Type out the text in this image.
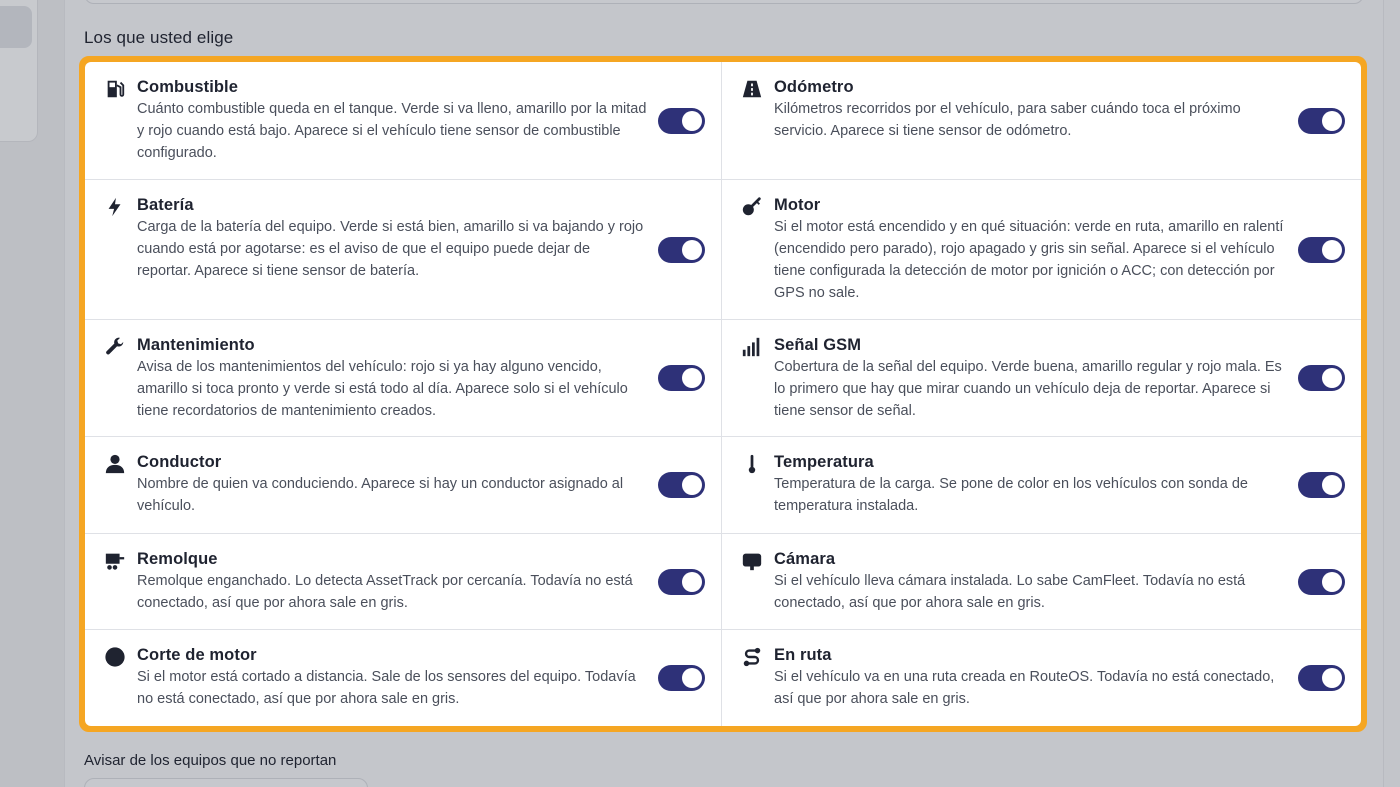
Los que usted elige
Combustible
Cuánto combustible queda en el tanque. Verde si va lleno, amarillo por la mitad y rojo cuando está bajo. Aparece si el vehículo tiene sensor de combustible configurado.
Odómetro
Kilómetros recorridos por el vehículo, para saber cuándo toca el próximo servicio. Aparece si tiene sensor de odómetro.
Batería
Carga de la batería del equipo. Verde si está bien, amarillo si va bajando y rojo cuando está por agotarse: es el aviso de que el equipo puede dejar de reportar. Aparece si tiene sensor de batería.
Motor
Si el motor está encendido y en qué situación: verde en ruta, amarillo en ralentí (encendido pero parado), rojo apagado y gris sin señal. Aparece si el vehículo tiene configurada la detección de motor por ignición o ACC; con detección por GPS no sale.
Mantenimiento
Avisa de los mantenimientos del vehículo: rojo si ya hay alguno vencido, amarillo si toca pronto y verde si está todo al día. Aparece solo si el vehículo tiene recordatorios de mantenimiento creados.
Señal GSM
Cobertura de la señal del equipo. Verde buena, amarillo regular y rojo mala. Es lo primero que hay que mirar cuando un vehículo deja de reportar. Aparece si tiene sensor de señal.
Conductor
Nombre de quien va conduciendo. Aparece si hay un conductor asignado al vehículo.
Temperatura
Temperatura de la carga. Se pone de color en los vehículos con sonda de temperatura instalada.
Remolque
Remolque enganchado. Lo detecta AssetTrack por cercanía. Todavía no está conectado, así que por ahora sale en gris.
Cámara
Si el vehículo lleva cámara instalada. Lo sabe CamFleet. Todavía no está conectado, así que por ahora sale en gris.
Corte de motor
Si el motor está cortado a distancia. Sale de los sensores del equipo. Todavía no está conectado, así que por ahora sale en gris.
En ruta
Si el vehículo va en una ruta creada en RouteOS. Todavía no está conectado, así que por ahora sale en gris.
Avisar de los equipos que no reportan
